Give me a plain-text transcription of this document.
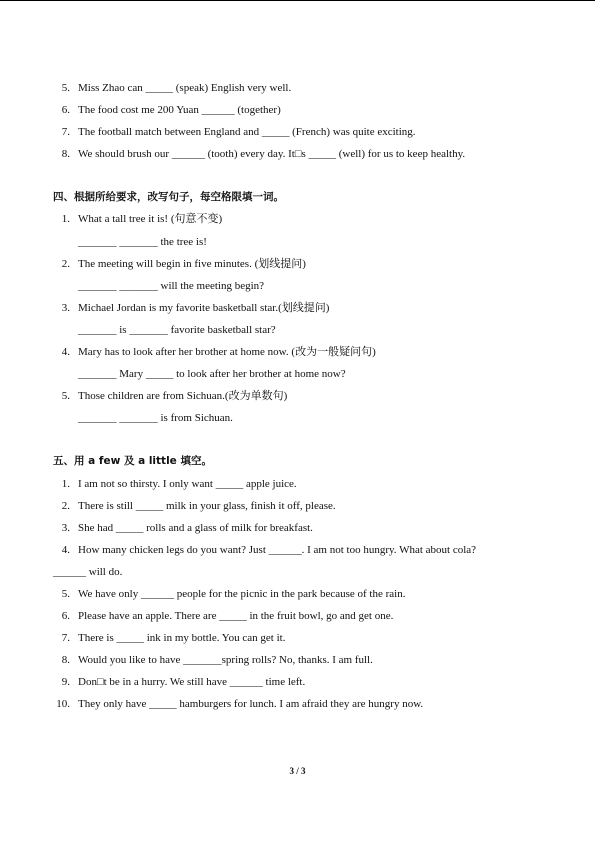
5. Miss Zhao can _____ (speak) English very well.
6. The food cost me 200 Yuan ______ (together)
7. The football match between England and _____ (French) was quite exciting.
8. We should brush our ______ (tooth) every day. It□s _____ (well) for us to keep healthy.
四、根据所给要求，改写句子，每空格限填一词。
1. What a tall tree it is! (句意不变)
_______ _______ the tree is!
2. The meeting will begin in five minutes. (划线提问)
_______ _______ will the meeting begin?
3. Michael Jordan is my favorite basketball star.(划线提问)
_______ is _______ favorite basketball star?
4. Mary has to look after her brother at home now. (改为一般疑问句)
_______ Mary _____ to look after her brother at home now?
5. Those children are from Sichuan.(改为单数句)
_______ _______ is from Sichuan.
五、用 a few 及 a little 填空。
1. I am not so thirsty. I only want _____ apple juice.
2. There is still _____ milk in your glass, finish it off, please.
3. She had _____ rolls and a glass of milk for breakfast.
4. How many chicken legs do you want? Just ______. I am not too hungry. What about cola?
______ will do.
5. We have only ______ people for the picnic in the park because of the rain.
6. Please have an apple. There are _____ in the fruit bowl, go and get one.
7. There is _____ ink in my bottle. You can get it.
8. Would you like to have _______spring rolls? No, thanks. I am full.
9. Don□t be in a hurry. We still have ______ time left.
10. They only have _____ hamburgers for lunch. I am afraid they are hungry now.
3 / 3
